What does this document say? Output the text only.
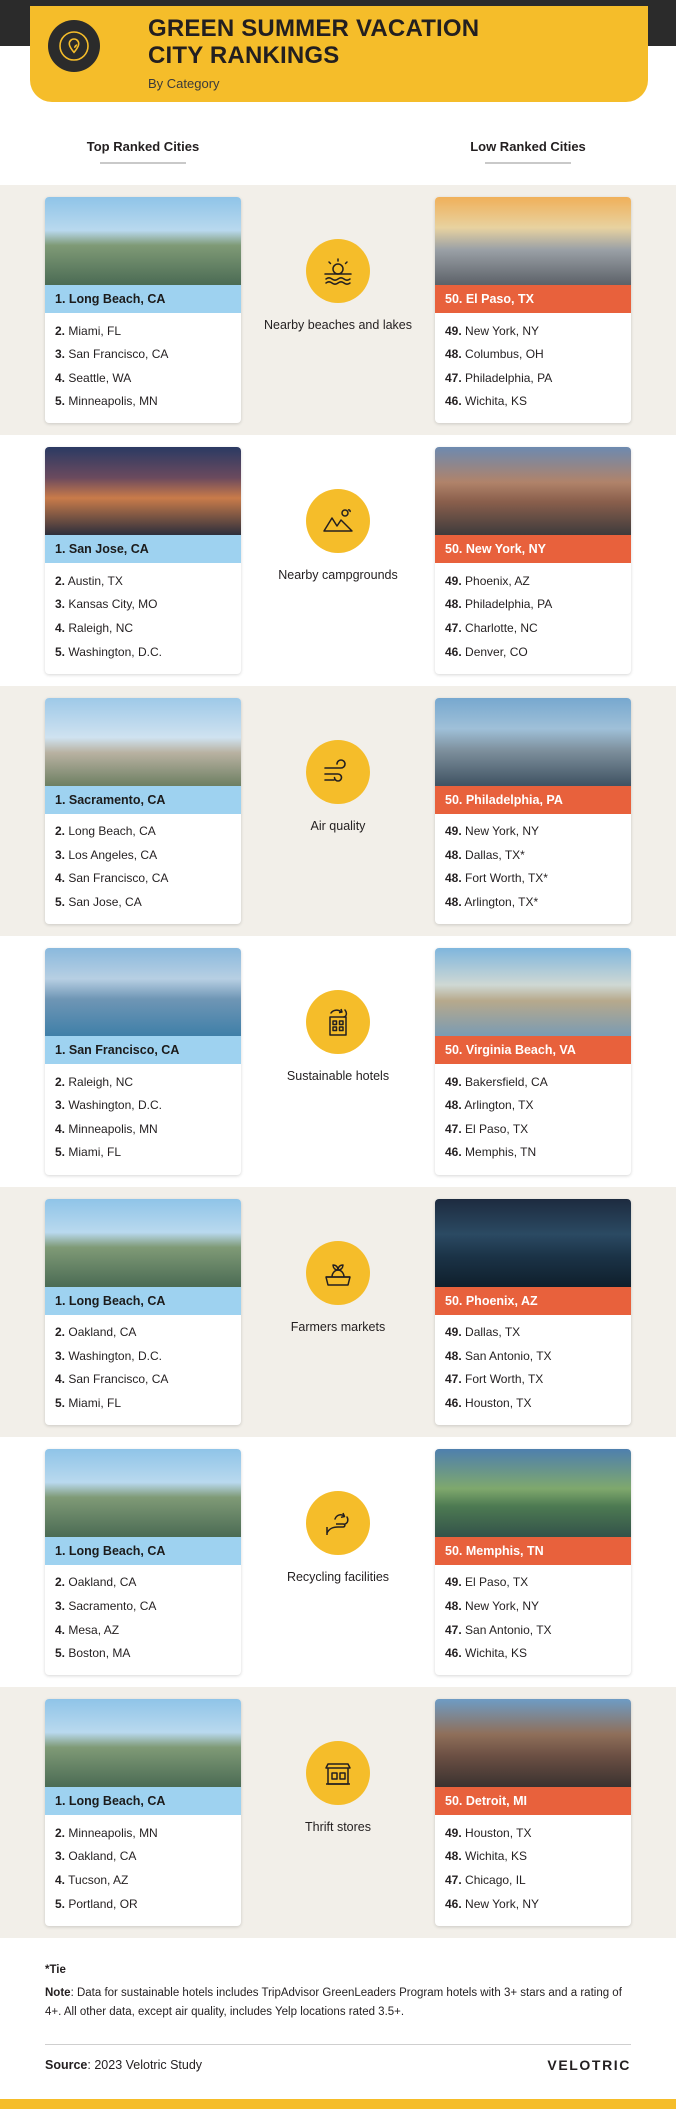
GREEN SUMMER VACATION
CITY RANKINGS
By Category
Top Ranked Cities	Low Ranked Cities
1. Long Beach, CA
2. Miami, FL
3. San Francisco, CA
4. Seattle, WA
5. Minneapolis, MN
Nearby beaches and lakes
50. El Paso, TX
49. New York, NY
48. Columbus, OH
47. Philadelphia, PA
46. Wichita, KS
1. San Jose, CA
2. Austin, TX
3. Kansas City, MO
4. Raleigh, NC
5. Washington, D.C.
Nearby campgrounds
50. New York, NY
49. Phoenix, AZ
48. Philadelphia, PA
47. Charlotte, NC
46. Denver, CO
1. Sacramento, CA
2. Long Beach, CA
3. Los Angeles, CA
4. San Francisco, CA
5. San Jose, CA
Air quality
50. Philadelphia, PA
49. New York, NY
48. Dallas, TX*
48. Fort Worth, TX*
48. Arlington, TX*
1. San Francisco, CA
2. Raleigh, NC
3. Washington, D.C.
4. Minneapolis, MN
5. Miami, FL
Sustainable hotels
50. Virginia Beach, VA
49. Bakersfield, CA
48. Arlington, TX
47. El Paso, TX
46. Memphis, TN
1. Long Beach, CA
2. Oakland, CA
3. Washington, D.C.
4. San Francisco, CA
5. Miami, FL
Farmers markets
50. Phoenix, AZ
49. Dallas, TX
48. San Antonio, TX
47. Fort Worth, TX
46. Houston, TX
1. Long Beach, CA
2. Oakland, CA
3. Sacramento, CA
4. Mesa, AZ
5. Boston, MA
Recycling facilities
50. Memphis, TN
49. El Paso, TX
48. New York, NY
47. San Antonio, TX
46. Wichita, KS
1. Long Beach, CA
2. Minneapolis, MN
3. Oakland, CA
4. Tucson, AZ
5. Portland, OR
Thrift stores
50. Detroit, MI
49. Houston, TX
48. Wichita, KS
47. Chicago, IL
46. New York, NY
*Tie
Note: Data for sustainable hotels includes TripAdvisor GreenLeaders Program hotels with 3+ stars and a rating of 4+. All other data, except air quality, includes Yelp locations rated 3.5+.
Source: 2023 Velotric Study	VELOTRIC
